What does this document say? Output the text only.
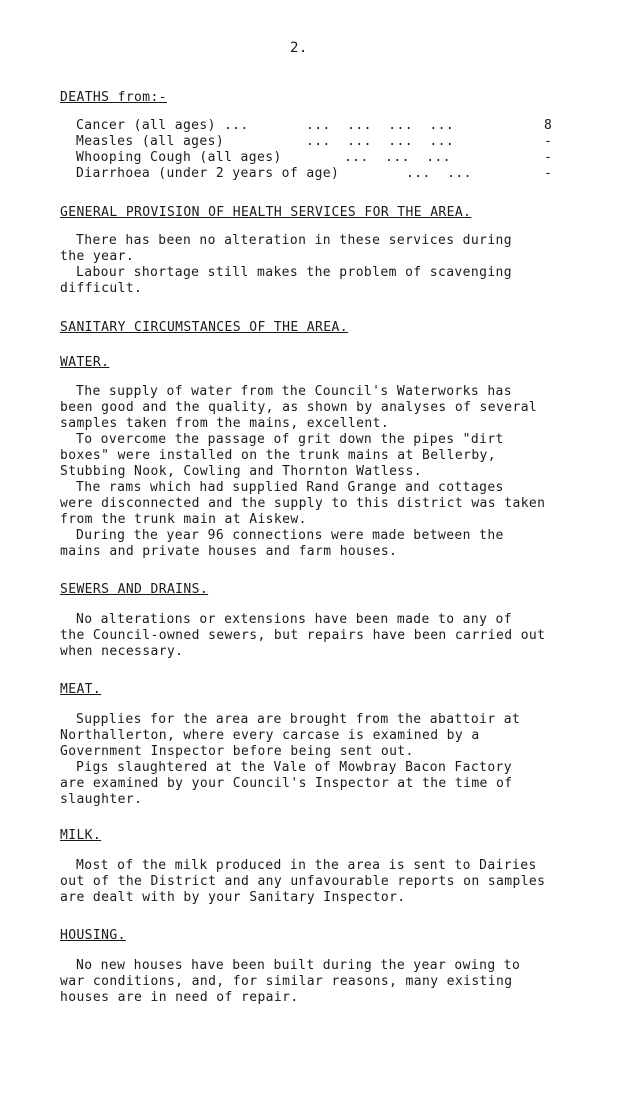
2.
DEATHS from:-
Cancer (all ages) ...	...  ...  ...  ...	8
Measles (all ages)	...  ...  ...  ...	-
Whooping Cough (all ages)	...  ...  ...	-
Diarrhoea (under 2 years of age)	...  ...	-
GENERAL PROVISION OF HEALTH SERVICES FOR THE AREA.
There has been no alteration in these services during
the year.
Labour shortage still makes the problem of scavenging
difficult.
SANITARY CIRCUMSTANCES OF THE AREA.
WATER.
The supply of water from the Council's Waterworks has
been good and the quality, as shown by analyses of several
samples taken from the mains, excellent.
To overcome the passage of grit down the pipes "dirt
boxes" were installed on the trunk mains at Bellerby,
Stubbing Nook, Cowling and Thornton Watless.
The rams which had supplied Rand Grange and cottages
were disconnected and the supply to this district was taken
from the trunk main at Aiskew.
During the year 96 connections were made between the
mains and private houses and farm houses.
SEWERS AND DRAINS.
No alterations or extensions have been made to any of
the Council-owned sewers, but repairs have been carried out
when necessary.
MEAT.
Supplies for the area are brought from the abattoir at
Northallerton, where every carcase is examined by a
Government Inspector before being sent out.
Pigs slaughtered at the Vale of Mowbray Bacon Factory
are examined by your Council's Inspector at the time of
slaughter.
MILK.
Most of the milk produced in the area is sent to Dairies
out of the District and any unfavourable reports on samples
are dealt with by your Sanitary Inspector.
HOUSING.
No new houses have been built during the year owing to
war conditions, and, for similar reasons, many existing
houses are in need of repair.
